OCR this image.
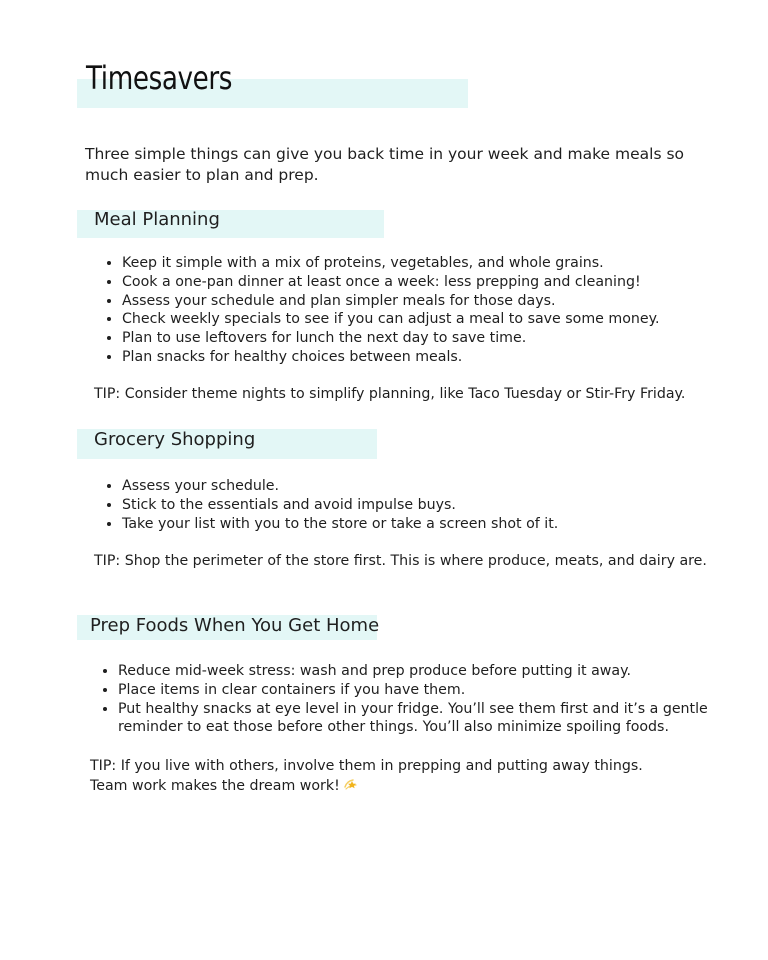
Timesavers

Three simple things can give you back time in your week and make meals so much easier to plan and prep.

Meal Planning
• Keep it simple with a mix of proteins, vegetables, and whole grains.
• Cook a one-pan dinner at least once a week: less prepping and cleaning!
• Assess your schedule and plan simpler meals for those days.
• Check weekly specials to see if you can adjust a meal to save some money.
• Plan to use leftovers for lunch the next day to save time.
• Plan snacks for healthy choices between meals.

TIP: Consider theme nights to simplify planning, like Taco Tuesday or Stir-Fry Friday.

Grocery Shopping
• Assess your schedule.
• Stick to the essentials and avoid impulse buys.
• Take your list with you to the store or take a screen shot of it.

TIP: Shop the perimeter of the store first. This is where produce, meats, and dairy are.

Prep Foods When You Get Home
• Reduce mid-week stress: wash and prep produce before putting it away.
• Place items in clear containers if you have them.
• Put healthy snacks at eye level in your fridge. You’ll see them first and it’s a gentle reminder to eat those before other things. You’ll also minimize spoiling foods.

TIP: If you live with others, involve them in prepping and putting away things. Team work makes the dream work!
